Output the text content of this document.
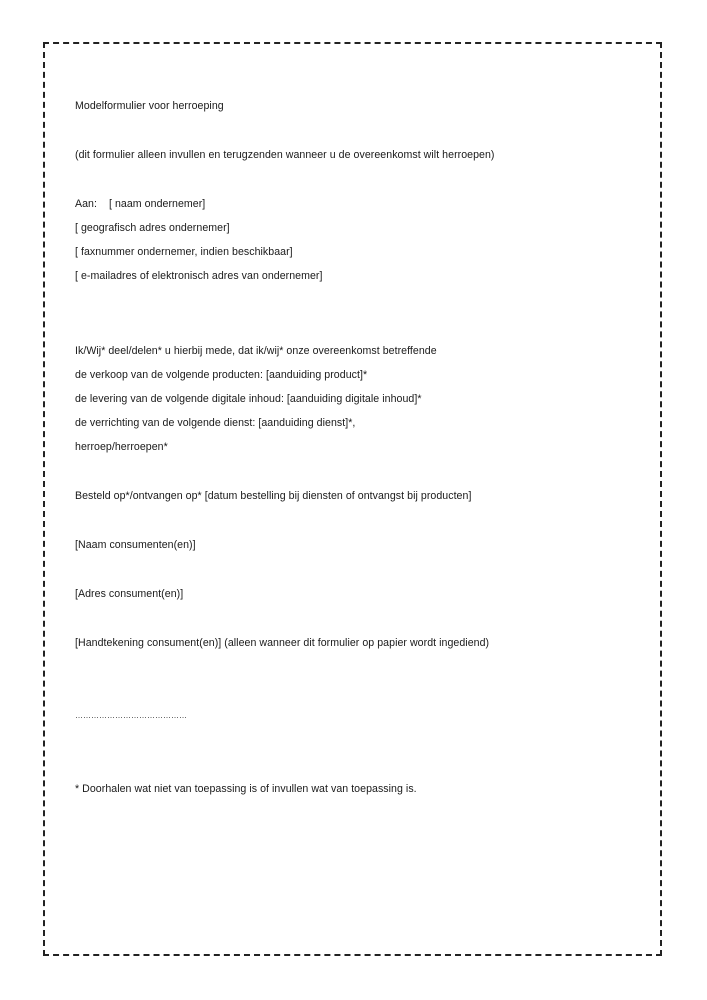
Modelformulier voor herroeping
(dit formulier alleen invullen en terugzenden wanneer u de overeenkomst wilt herroepen)
Aan: [ naam ondernemer]
[ geografisch adres ondernemer]
[ faxnummer ondernemer, indien beschikbaar]
[ e-mailadres of elektronisch adres van ondernemer]
Ik/Wij* deel/delen* u hierbij mede, dat ik/wij* onze overeenkomst betreffende
de verkoop van de volgende producten: [aanduiding product]*
de levering van de volgende digitale inhoud: [aanduiding digitale inhoud]*
de verrichting van de volgende dienst: [aanduiding dienst]*,
herroep/herroepen*
Besteld op*/ontvangen op* [datum bestelling bij diensten of ontvangst bij producten]
[Naam consumenten(en)]
[Adres consument(en)]
[Handtekening consument(en)] (alleen wanneer dit formulier op papier wordt ingediend)
……………………………………
* Doorhalen wat niet van toepassing is of invullen wat van toepassing is.
